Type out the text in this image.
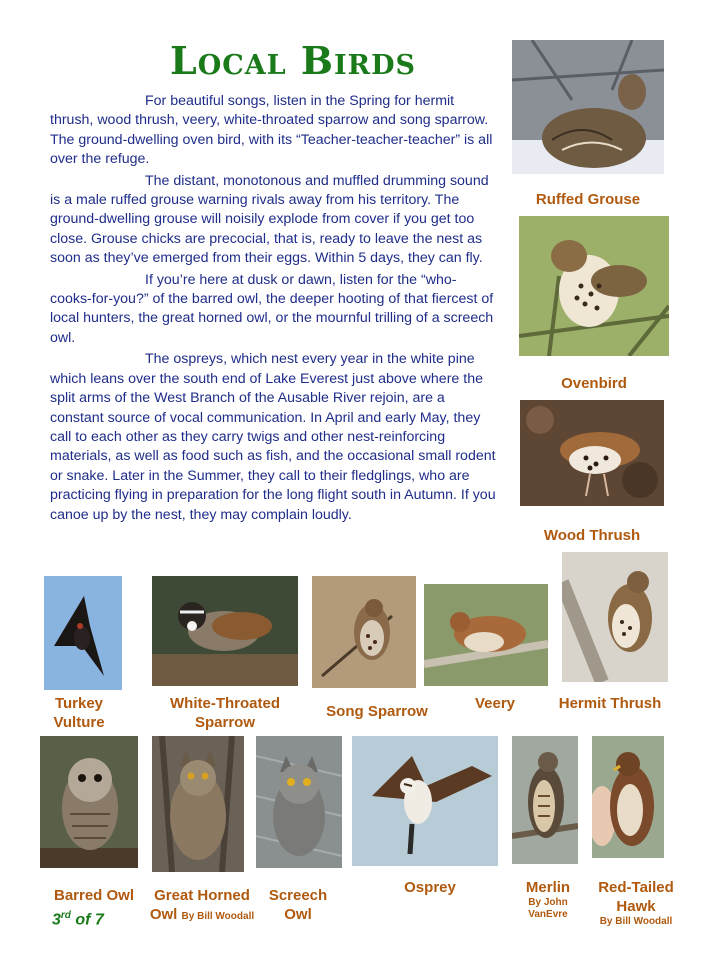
Local Birds

For beautiful songs, listen in the Spring for hermit thrush, wood thrush, veery, white-throated sparrow and song sparrow. The ground-dwelling oven bird, with its “Teacher-teacher-teacher” is all over the refuge.

The distant, monotonous and muffled drumming sound is a male ruffed grouse warning rivals away from his territory. The ground-dwelling grouse will noisily explode from cover if you get too close. Grouse chicks are precocial, that is, ready to leave the nest as soon as they’ve emerged from their eggs. Within 5 days, they can fly.

If you’re here at dusk or dawn, listen for the “who-cooks-for-you?” of the barred owl, the deeper hooting of that fiercest of local hunters, the great horned owl, or the mournful trilling of a screech owl.

The ospreys, which nest every year in the white pine which leans over the south end of Lake Everest just above where the split arms of the West Branch of the Ausable River rejoin, are a constant source of vocal communication. In April and early May, they call to each other as they carry twigs and other nest-reinforcing materials, as well as food such as fish, and the occasional small rodent or snake. Later in the Summer, they call to their fledglings, who are practicing flying in preparation for the long flight south in Autumn. If you canoe up by the nest, they may complain loudly.

Ruffed Grouse
Ovenbird
Wood Thrush
Turkey
Vulture
White-Throated
Sparrow
Song Sparrow	Veery	Hermit Thrush
Barred Owl	Great Horned
Owl By Bill Woodall
Screech
Owl
Osprey	Merlin
By John
VanEvre
Red-Tailed
Hawk
By Bill Woodall
3rd of 7
